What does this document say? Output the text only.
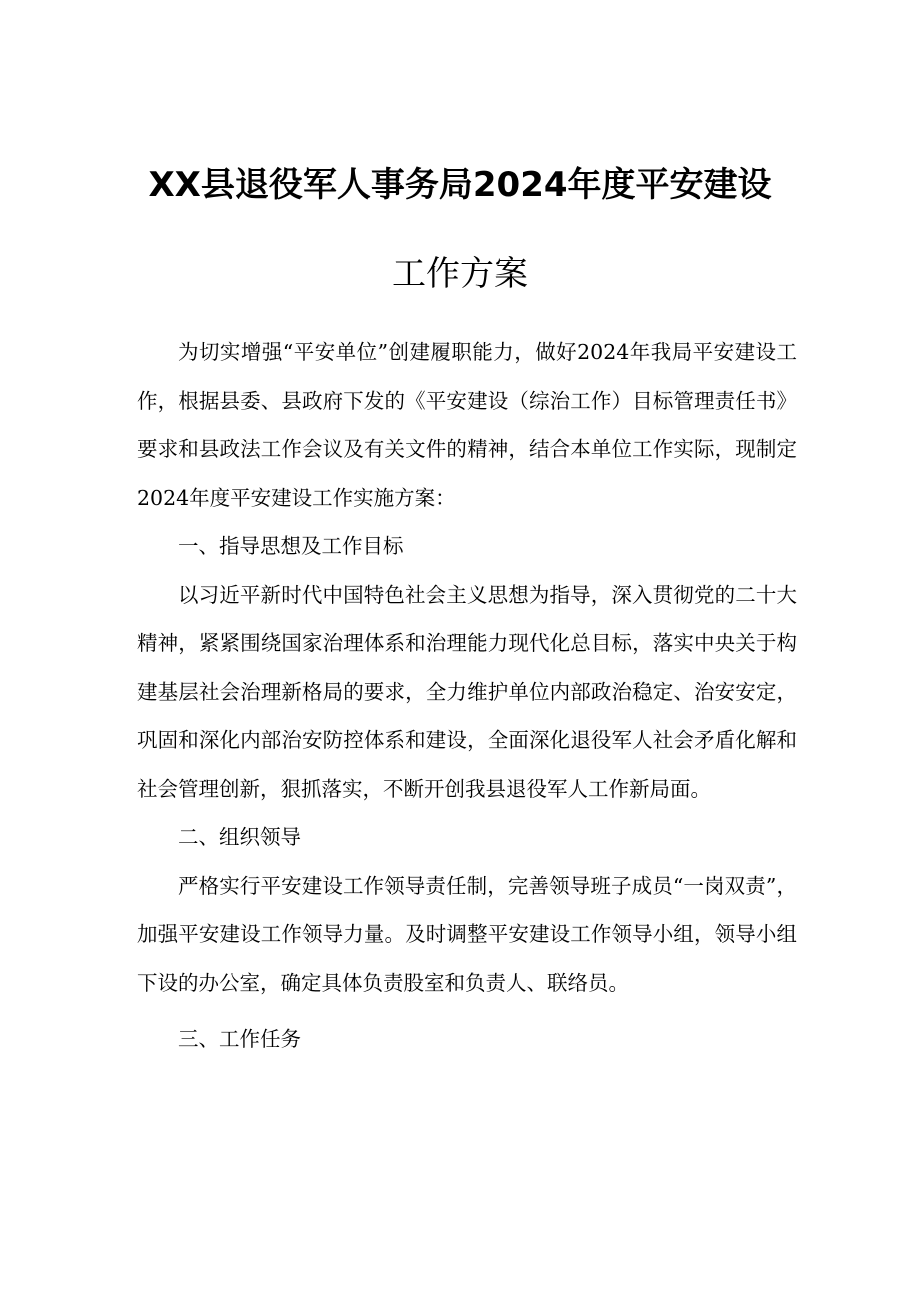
XX县退役军人事务局2024年度平安建设
工作方案

为切实增强“平安单位”创建履职能力，做好2024年我局平安建设工作，根据县委、县政府下发的《平安建设（综治工作）目标管理责任书》要求和县政法工作会议及有关文件的精神，结合本单位工作实际，现制定2024年度平安建设工作实施方案：

一、指导思想及工作目标

以习近平新时代中国特色社会主义思想为指导，深入贯彻党的二十大精神，紧紧围绕国家治理体系和治理能力现代化总目标，落实中央关于构建基层社会治理新格局的要求，全力维护单位内部政治稳定、治安安定，巩固和深化内部治安防控体系和建设，全面深化退役军人社会矛盾化解和社会管理创新，狠抓落实，不断开创我县退役军人工作新局面。

二、组织领导

严格实行平安建设工作领导责任制，完善领导班子成员“一岗双责”，加强平安建设工作领导力量。及时调整平安建设工作领导小组，领导小组下设的办公室，确定具体负责股室和负责人、联络员。

三、工作任务
